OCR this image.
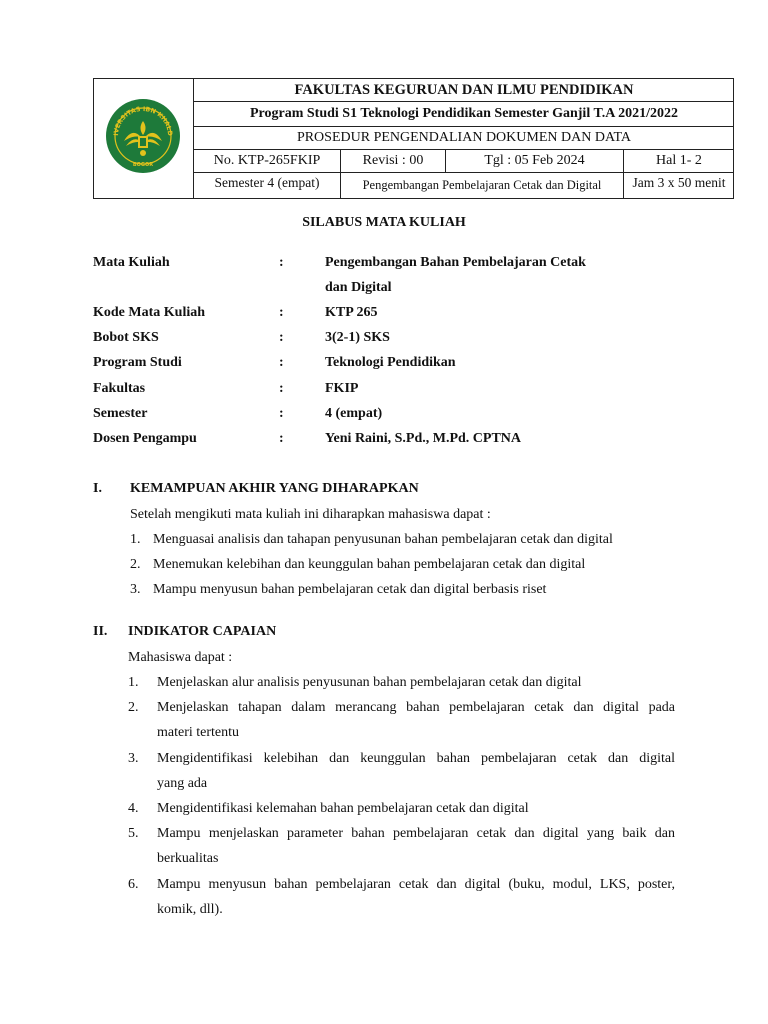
IVERSITAS IBN KHALD
BOGOR
FAKULTAS KEGURUAN DAN ILMU PENDIDIKAN
Program Studi S1 Teknologi Pendidikan Semester Ganjil T.A 2021/2022
PROSEDUR PENGENDALIAN DOKUMEN DAN DATA
No. KTP-265FKIP	Revisi : 00	Tgl : 05 Feb 2024	Hal 1- 2
Semester 4 (empat)	Pengembangan Pembelajaran Cetak dan Digital	Jam 3 x 50 menit
SILABUS MATA KULIAH
Mata Kuliah	:	Pengembangan Bahan Pembelajaran Cetak
dan Digital
Kode Mata Kuliah	:	KTP 265
Bobot SKS	:	3(2-1) SKS
Program Studi	:	Teknologi Pendidikan
Fakultas	:	FKIP
Semester	:	4 (empat)
Dosen Pengampu	:	Yeni Raini, S.Pd., M.Pd. CPTNA
I. KEMAMPUAN AKHIR YANG DIHARAPKAN
Setelah mengikuti mata kuliah ini diharapkan mahasiswa dapat :
1. Menguasai analisis dan tahapan penyusunan bahan pembelajaran cetak dan digital
2. Menemukan kelebihan dan keunggulan bahan pembelajaran cetak dan digital
3. Mampu menyusun bahan pembelajaran cetak dan digital berbasis riset
II. INDIKATOR CAPAIAN
Mahasiswa dapat :
1. Menjelaskan alur analisis penyusunan bahan pembelajaran cetak dan digital
2. Menjelaskan tahapan dalam merancang bahan pembelajaran cetak dan digital pada
materi tertentu
3. Mengidentifikasi kelebihan dan keunggulan bahan pembelajaran cetak dan digital
yang ada
4. Mengidentifikasi kelemahan bahan pembelajaran cetak dan digital
5. Mampu menjelaskan parameter bahan pembelajaran cetak dan digital yang baik dan
berkualitas
6. Mampu menyusun bahan pembelajaran cetak dan digital (buku, modul, LKS, poster,
komik, dll).
